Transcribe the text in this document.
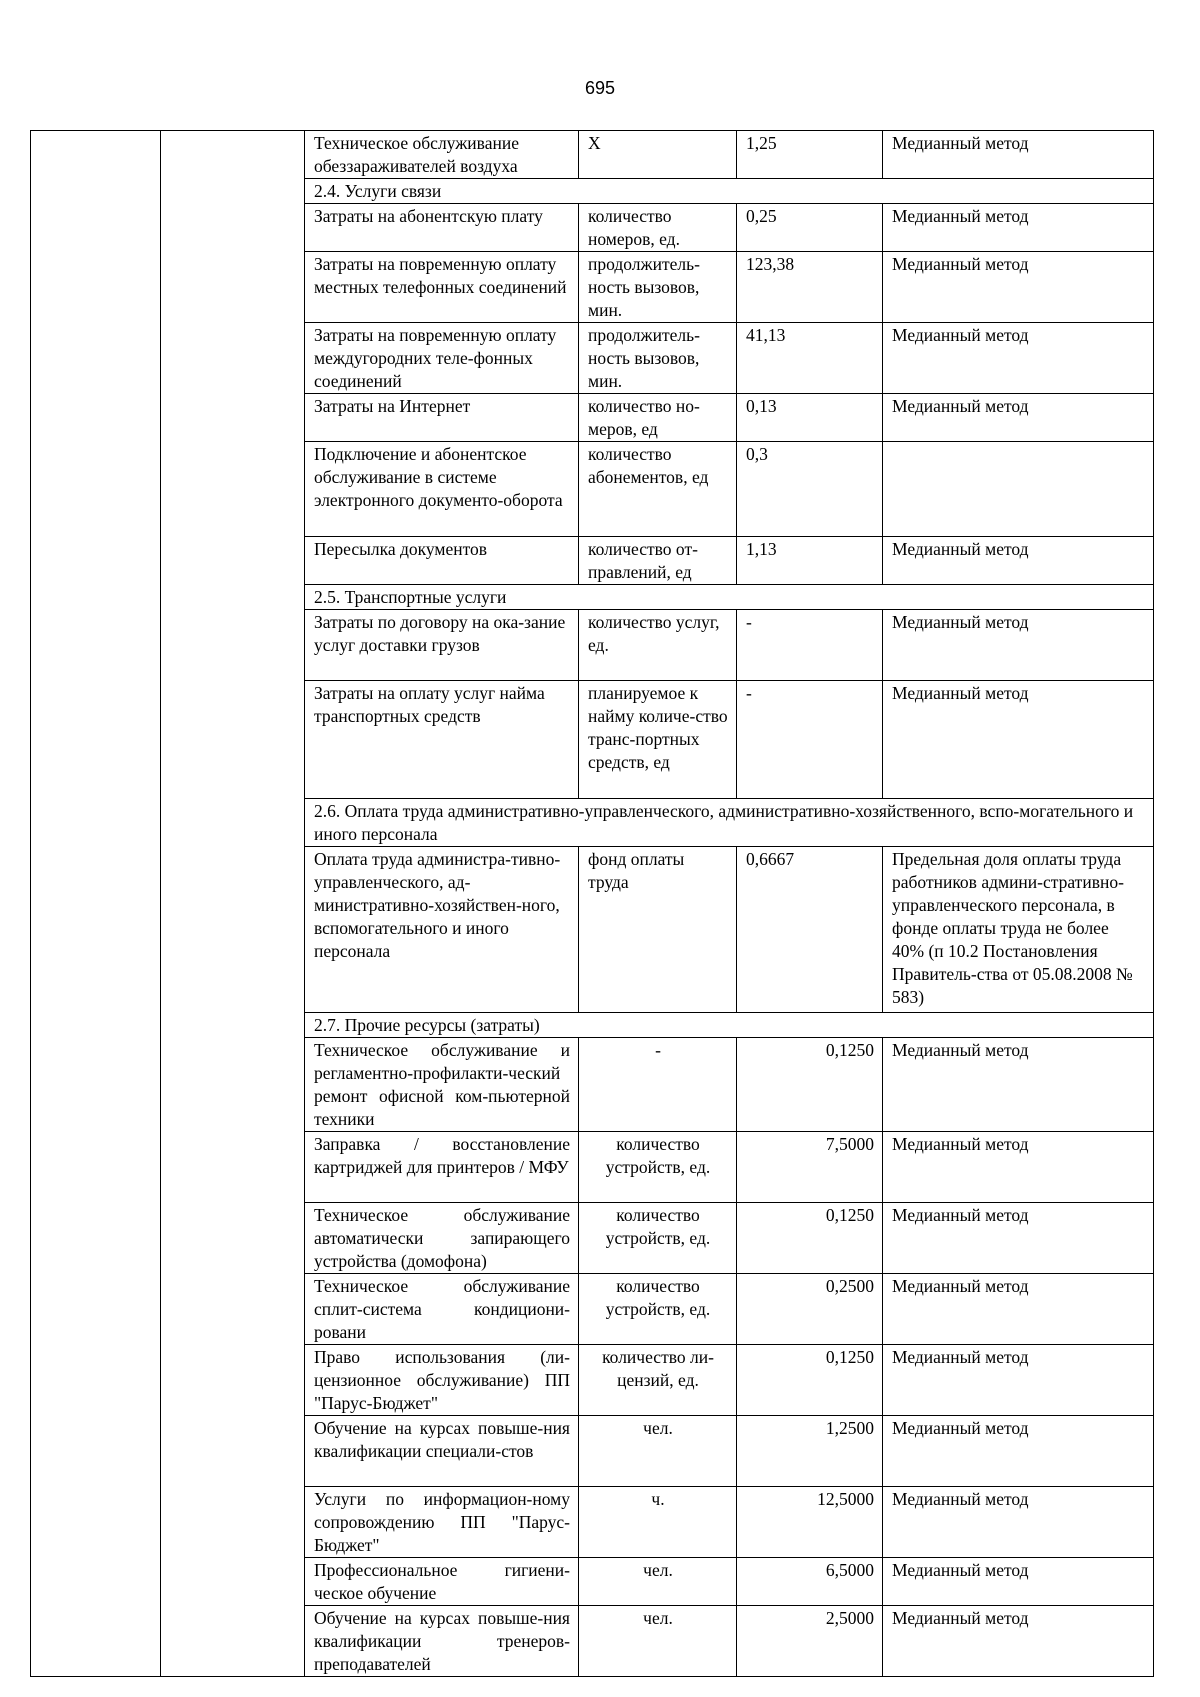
695
		Техническое обслуживание обеззараживателей воздуха	Х	1,25	Медианный метод
		2.4. Услуги связи			
		Затраты на абонентскую плату	количество номеров, ед.	0,25	Медианный метод
		Затраты на повременную оплату местных телефонных соединений	продолжитель-ность вызовов, мин.	123,38	Медианный метод
		Затраты на повременную оплату междугородних теле-фонных соединений	продолжитель-ность вызовов, мин.	41,13	Медианный метод
		Затраты на Интернет	количество но-меров, ед	0,13	Медианный метод
		Подключение и абонентское обслуживание в системе электронного документо-оборота	количество абонементов, ед	0,3	
		Пересылка документов	количество от-правлений, ед	1,13	Медианный метод
		2.5. Транспортные услуги			
		Затраты по договору на ока-зание услуг доставки грузов	количество услуг, ед.	-	Медианный метод
		Затраты на оплату услуг найма транспортных средств	планируемое к найму количе-ство транс-портных средств, ед	-	Медианный метод
		2.6. Оплата труда административно-управленческого, административно-хозяйственного, вспо-могательного и иного персонала			
		Оплата труда администра-тивно-управленческого, ад-министративно-хозяйствен-ного, вспомогательного и иного персонала	фонд оплаты труда	0,6667	Предельная доля оплаты труда работников админи-стративно-управленческого персонала, в фонде оплаты труда не более 40% (п 10.2 Постановления Правитель-ства от 05.08.2008 № 583)
		2.7. Прочие ресурсы (затраты)			
		Техническое обслуживание и регламентно-профилакти-ческий ремонт офисной ком-пьютерной техники	-	0,1250	Медианный метод
		Заправка / восстановление картриджей для принтеров / МФУ	количество устройств, ед.	7,5000	Медианный метод
		Техническое обслуживание автоматически запирающего устройства (домофона)	количество устройств, ед.	0,1250	Медианный метод
		Техническое обслуживание сплит-система кондициони-ровани	количество устройств, ед.	0,2500	Медианный метод
		Право использования (ли-цензионное обслуживание) ПП "Парус-Бюджет"	количество ли-цензий, ед.	0,1250	Медианный метод
		Обучение на курсах повыше-ния квалификации специали-стов	чел.	1,2500	Медианный метод
		Услуги по информацион-ному сопровождению ПП "Парус-Бюджет"	ч.	12,5000	Медианный метод
		Профессиональное гигиени-ческое обучение	чел.	6,5000	Медианный метод
		Обучение на курсах повыше-ния квалификации тренеров-преподавателей	чел.	2,5000	Медианный метод
